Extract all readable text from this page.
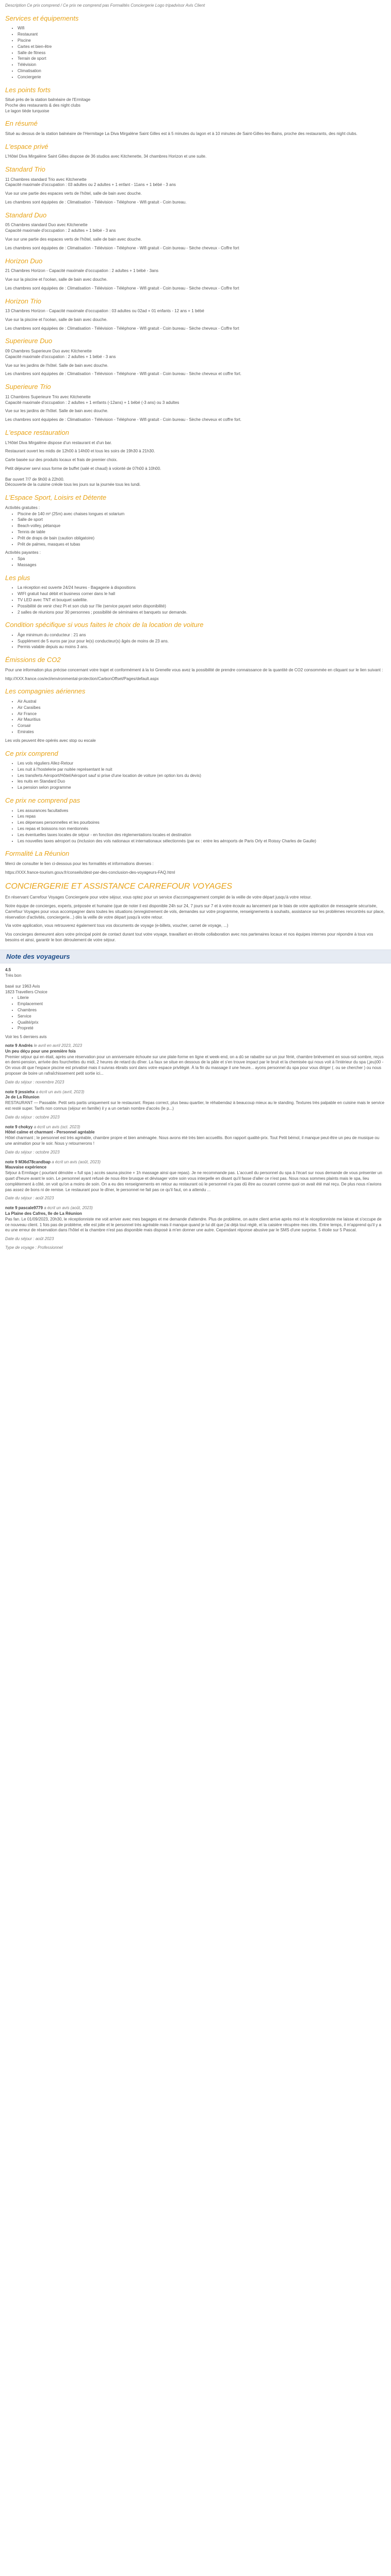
Description Ce prix comprend / Ce prix ne comprend pas Formalités Conciergerie Logo tripadvisor Avis Client

Services et équipements
• Wifi
• Restaurant
• Piscine
• Cartes et bien-être
• Salle de fitness
• Terrain de sport
• Télévision
• Climatisation
• Conciergerie
Les points forts
Situé près de la station balnéaire de l'Ermitage
Proche des restaurants & des night clubs
Le lagon tiède turquoise
En résumé

Situé au dessus de la station balnéaire de l'Hermitage La Diva Mirgalène Saint Gilles est à 5 minutes du lagon et à 10 minutes de Saint-Gilles-les-Bains, proche des restaurants, des night clubs.

L'espace privé

L'Hôtel Diva Mirgalène Saint Gilles dispose de 36 studios avec Kitchenette, 34 chambres Horizon et une suite.

Standard Trio
11 Chambres standard Trio avec Kitchenette

Capacité maximale d'occupation : 03 adultes ou 2 adultes + 1 enfant - 11ans + 1 bébé - 3 ans

Vue sur une partie des espaces verts de l'hôtel, salle de bain avec douche.

Les chambres sont équipées de : Climatisation - Télévision - Téléphone - Wifi gratuit - Coin bureau.

Standard Duo
05 Chambres standard Duo avec Kitchenette

Capacité maximale d'occupation : 2 adultes + 1 bébé - 3 ans

Vue sur une partie des espaces verts de l'hôtel, salle de bain avec douche.

Les chambres sont équipées de : Climatisation - Télévision - Téléphone - Wifi gratuit - Coin bureau - Sèche cheveux - Coffre fort

Horizon Duo

21 Chambres Horizon - Capacité maximale d'occupation : 2 adultes + 1 bébé - 3ans

Vue sur la piscine et l'océan, salle de bain avec douche.

Les chambres sont équipées de : Climatisation - Télévision - Téléphone - Wifi gratuit - Coin bureau - Sèche cheveux - Coffre fort

Horizon Trio

13 Chambres Horizon - Capacité maximale d'occupation : 03 adultes ou 02ad + 01 enfants - 12 ans + 1 bébé

Vue sur la piscine et l'océan, salle de bain avec douche.

Les chambres sont équipées de : Climatisation - Télévision - Téléphone - Wifi gratuit - Coin bureau - Sèche cheveux - Coffre fort

Superieure Duo
09 Chambres Superieure Duo avec Kitchenette

Capacité maximale d'occupation : 2 adultes + 1 bébé - 3 ans

Vue sur les jardins de l'hôtel. Salle de bain avec douche.

Les chambres sont équipées de : Climatisation - Télévision - Téléphone - Wifi gratuit - Coin bureau - Sèche cheveux et coffre fort.

Superieure Trio
11 Chambres Superieure Trio avec Kitchenette

Capacité maximale d'occupation : 2 adultes + 1 enfants (-12ans) + 1 bébé (-3 ans) ou 3 adultes

Vue sur les jardins de l'hôtel. Salle de bain avec douche.

Les chambres sont équipées de : Climatisation - Télévision - Téléphone - Wifi gratuit - Coin bureau - Sèche cheveux et coffre fort.

L'espace restauration

L'Hôtel Diva Mirgalène dispose d'un restaurant et d'un bar.

Restaurant ouvert les midis de 12h00 à 14h00 et tous les soirs de 19h30 à 21h30.

Carte basée sur des produits locaux et frais de premier choix.

Petit déjeuner servi sous forme de buffet (salé et chaud) à volonté de 07h00 à 10h00.

Bar ouvert 7/7 de 9h00 à 22h00.

Découverte de la cuisine créole tous les jours sur la journée tous les lundi.

L'Espace Sport, Loisirs et Détente
Activités gratuites :
• Piscine de 140 m² (25m) avec chaises longues et solarium
• Salle de sport
• Beach-volley, pétanque
• Tennis de table
• Prêt de draps de bain (caution obligatoire)
• Prêt de palmes, masques et tubas
Activités payantes :
• Spa
• Massages
Les plus
• La réception est ouverte 24/24 heures - Bagagerie à dispositions
• WIFI gratuit haut débit et business corner dans le hall
• TV LED avec TNT et bouquet satellite.
• Possibilité de venir chez Pi et son club sur l'Ile (service payant selon disponibilité)
• 2 salles de réunions pour 30 personnes ; possibilité de séminaires et banquets sur demande.
Condition spécifique si vous faites le choix de la location de voiture
• Âge minimum du conducteur : 21 ans
• Supplément de 5 euros par jour pour le(s) conducteur(s) âgés de moins de 23 ans.
• Permis valable depuis au moins 3 ans.
Émissions de CO2

Pour une information plus précise concernant votre trajet et conformément à la loi Grenelle vous avez la possibilité de prendre connaissance de la quantité de CO2 consommée en cliquant sur le lien suivant :

http://XXX.france.cos/ecl/environmental-protection/CarbonOffset/Pages/default.aspx

Les compagnies aériennes
• Air Austral
• Air Caraïbes
• Air France
• Air Mauritius
• Corsair
• Emirates

Les vols peuvent être opérés avec stop ou escale

Ce prix comprend
• Les vols réguliers Allez-Retour
• Les nuit à l'hostelerie par nuitée représentant le nuit
• Les transferts Aéroport/Hôtel/Aéroport sauf si prise d'une location de voiture (en option lors du devis)
• les nuits en Standard Duo
• La pension selon programme
Ce prix ne comprend pas
• Les assurances facultatives
• Les repas
• Les dépenses personnelles et les pourboires
• Les repas et boissons non mentionnés
• Les éventuelles taxes locales de séjour - en fonction des réglementations locales et destination
• Les nouvelles taxes aéroport ou (inclusion des vols nationaux et internationaux sélectionnés (par ex : entre les aéroports de Paris Orly et Roissy Charles de Gaulle)
Formalité La Réunion

Merci de consulter le lien ci-dessous pour les formalités et informations diverses :

https://XXX.france-tourism.gouv.fr/conseils/dest-par-des-conclusion-des-voyageurs-FAQ.html

CONCIERGERIE ET ASSISTANCE CARREFOUR VOYAGES

En réservant Carrefour Voyages Conciergerie pour votre séjour, vous optez pour un service d'accompagnement complet de la veille de votre départ jusqu'à votre retour.

Notre équipe de concierges, experts, préposée et humaine (que de noter il est disponible 24h sur 24, 7 jours sur 7 et à votre écoute au lancement par le biais de votre application de messagerie sécurisée, Carrefour Voyages pour vous accompagner dans toutes les situations (enregistrement de vols, demandes sur votre programme, renseignements à souhaits, assistance sur les problèmes rencontrés sur place, réservation d'activités, conciergerie...) dès la veille de votre départ jusqu'à votre retour.

Via votre application, vous retrouverez également tous vos documents de voyage (e-billets, voucher, carnet de voyage, ...)

Vos concierges demeurent alors votre principal point de contact durant tout votre voyage, travaillant en étroite collaboration avec nos partenaires locaux et nos équipes internes pour répondre à tous vos besoins et ainsi, garantir le bon déroulement de votre séjour.

Note des voyageurs
4.5
Très bon
basé sur 1963 Avis
1823 Travellers Choice
• Literie
• Emplacement
• Chambres
• Service
• Qualité/prix
• Propreté

Voir les 5 derniers avis

note 9 Andrés le avril en avril 2023, 2023
Un peu déçu pour une première fois

Premier séjour qui en était, après une réservation pour un anniversaire échouée sur une plate-forme en ligne et week-end, on a dû se rabattre sur un jour férié, chambre brièvement en sous-sol sombre, reçus en demi-pension, arrivée des fourchettes du midi, 2 heures de retard du dîner. La faux se situe en dessous de la pâte et s'en trouve impact par le bruit et la chemisée qui nous voit à l'intérieur du spa (,jeu)00 - On vous dit que l'espace piscine est privatisé mais il suivras ébraits sont dans votre espace privilégié. À la fin du massage il une heure... ayons personnel du spa pour vous diriger (. ou se chercher ) ou nous proposer de boire un rafraîchissement petit sortie ici...

Date du séjour : novembre 2023

note 9 jessiehx a écrit un avis (avril, 2023)
Je de La Réunion

RESTAURANT — Passable. Petit sets partis uniquement sur le restaurant. Repas correct, plus beau quartier, le réhabendaz à beaucoup mieux au le standing. Textures très palpable en cuisine mais le service est resté super. Tarifs non connus (séjour en famille) il y a un certain nombre d'accès (le p...)

Date du séjour : octobre 2023

note 9 chokyy a écrit un avis (oct. 2023)
Hôtel calme et charmant - Personnel agréable

Hôtel charmant ; le personnel est très agréable, chambre propre et bien aménagée. Nous avons été très bien accueillis. Bon rapport qualité-prix. Tout Petit bémol, il manque peut-être un peu de musique ou une animation pour le soir. Nous y retournerons !

Date du séjour : octobre 2023

note 9 M36d78candbap a écrit un avis (août, 2023)
Mauvaise expérience

Séjour à Ermitage ( pourtant dénotée « full spa ) accès sauna piscine + 1h massage ainsi que repas). Je ne recommande pas. L'accueil du personnel du spa à l'écart sur nous demande de vous présenter un quart d'heure avant le soin. Le personnel ayant refusé de nous être brusque et dévisager votre soin vous interpelle en disant qu'il fasse d'aller ce n'est pas. Nous nous sommes plaints mais le spa, lieu complètement à côté, on voit qu'on a moins de soin. On a eu des renseignements en retour au restaurant où le personnel n'a pas dû être au courant comme quoi on avait été mal reçu. De plus nous n'avions pas assez de bons ni de remise. Le restaurant pour le dîner, le personnel ne fait pas ce qu'il faut, on a attendu ...

Date du séjour : août 2023

note 9 pascale9779 a écrit un avis (août, 2023)
La Plaine des Cafres, Ile de La Réunion

Pas fan. Le 01/09/2023, 20h30, le réceptionniste me voit arriver avec mes bagages et me demande d'attendre. Plus de problème, on autre client arrive après moi et le réceptionniste me laisse et s'occupe de ce nouveau client. 1 fois pas de problème, elle est jolie et le personnel très agréable mais il manque quand je lui dit que j'ai déjà tout réglé, et la caisière récupère mes clés. Entre temps, il m'apprend qu'il y a eu une erreur de réservation dans l'hôtel et la chambre n'est pas disponible mais disposé à m'en donner une autre. Cependant réponse abusive par le SMS d'une surprise. 5 étoile sur 5 Pascal.

Date du séjour : août 2023

Type de voyage : Professionnel
